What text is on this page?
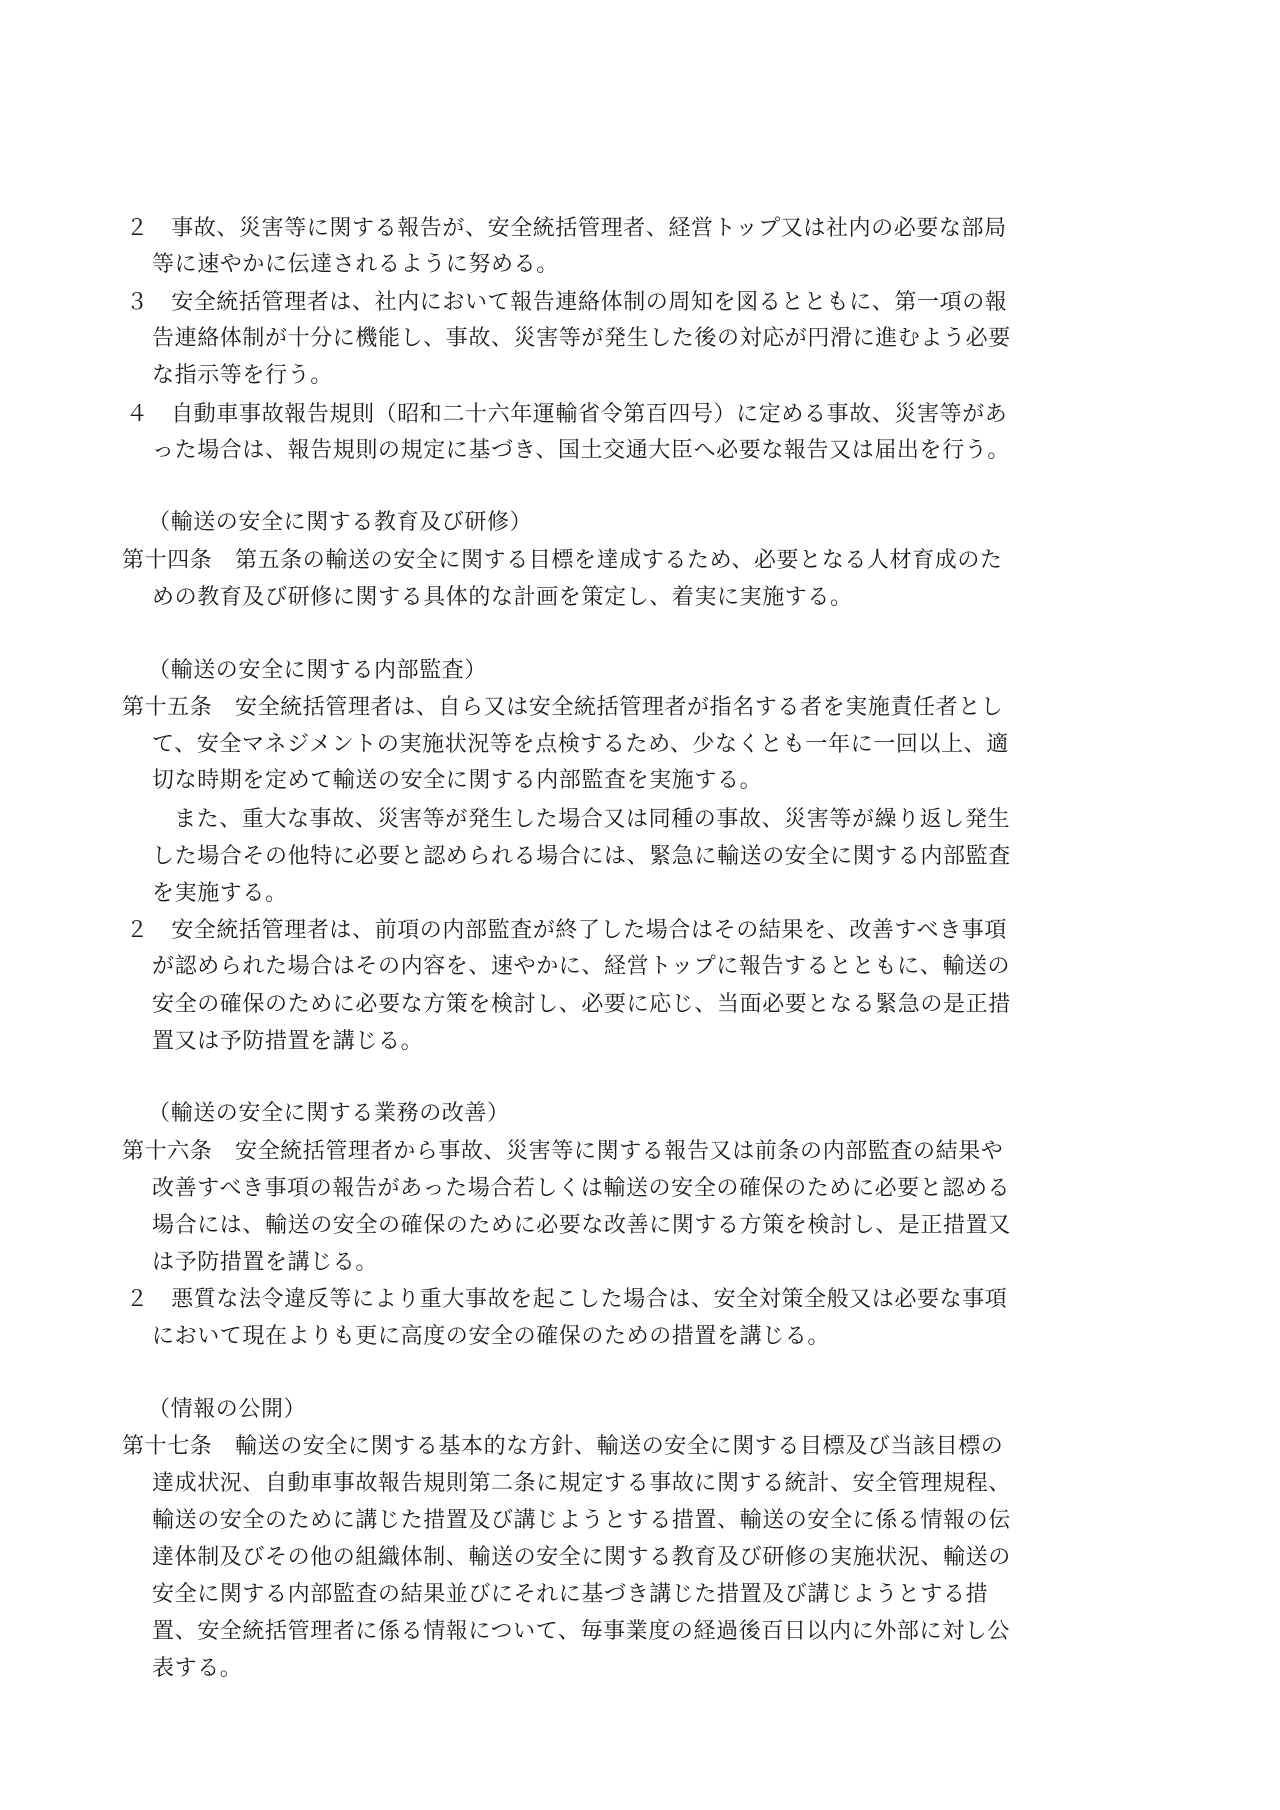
２　事故、災害等に関する報告が、安全統括管理者、経営トップ又は社内の必要な部局
等に速やかに伝達されるように努める。
３　安全統括管理者は、社内において報告連絡体制の周知を図るとともに、第一項の報
告連絡体制が十分に機能し、事故、災害等が発生した後の対応が円滑に進むよう必要
な指示等を行う。
４　自動車事故報告規則（昭和二十六年運輸省令第百四号）に定める事故、災害等があ
った場合は、報告規則の規定に基づき、国土交通大臣へ必要な報告又は届出を行う。
（輸送の安全に関する教育及び研修）
第十四条　第五条の輸送の安全に関する目標を達成するため、必要となる人材育成のた
めの教育及び研修に関する具体的な計画を策定し、着実に実施する。
（輸送の安全に関する内部監査）
第十五条　安全統括管理者は、自ら又は安全統括管理者が指名する者を実施責任者とし
て、安全マネジメントの実施状況等を点検するため、少なくとも一年に一回以上、適
切な時期を定めて輸送の安全に関する内部監査を実施する。
また、重大な事故、災害等が発生した場合又は同種の事故、災害等が繰り返し発生
した場合その他特に必要と認められる場合には、緊急に輸送の安全に関する内部監査
を実施する。
２　安全統括管理者は、前項の内部監査が終了した場合はその結果を、改善すべき事項
が認められた場合はその内容を、速やかに、経営トップに報告するとともに、輸送の
安全の確保のために必要な方策を検討し、必要に応じ、当面必要となる緊急の是正措
置又は予防措置を講じる。
（輸送の安全に関する業務の改善）
第十六条　安全統括管理者から事故、災害等に関する報告又は前条の内部監査の結果や
改善すべき事項の報告があった場合若しくは輸送の安全の確保のために必要と認める
場合には、輸送の安全の確保のために必要な改善に関する方策を検討し、是正措置又
は予防措置を講じる。
２　悪質な法令違反等により重大事故を起こした場合は、安全対策全般又は必要な事項
において現在よりも更に高度の安全の確保のための措置を講じる。
（情報の公開）
第十七条　輸送の安全に関する基本的な方針、輸送の安全に関する目標及び当該目標の
達成状況、自動車事故報告規則第二条に規定する事故に関する統計、安全管理規程、
輸送の安全のために講じた措置及び講じようとする措置、輸送の安全に係る情報の伝
達体制及びその他の組織体制、輸送の安全に関する教育及び研修の実施状況、輸送の
安全に関する内部監査の結果並びにそれに基づき講じた措置及び講じようとする措
置、安全統括管理者に係る情報について、毎事業度の経過後百日以内に外部に対し公
表する。
